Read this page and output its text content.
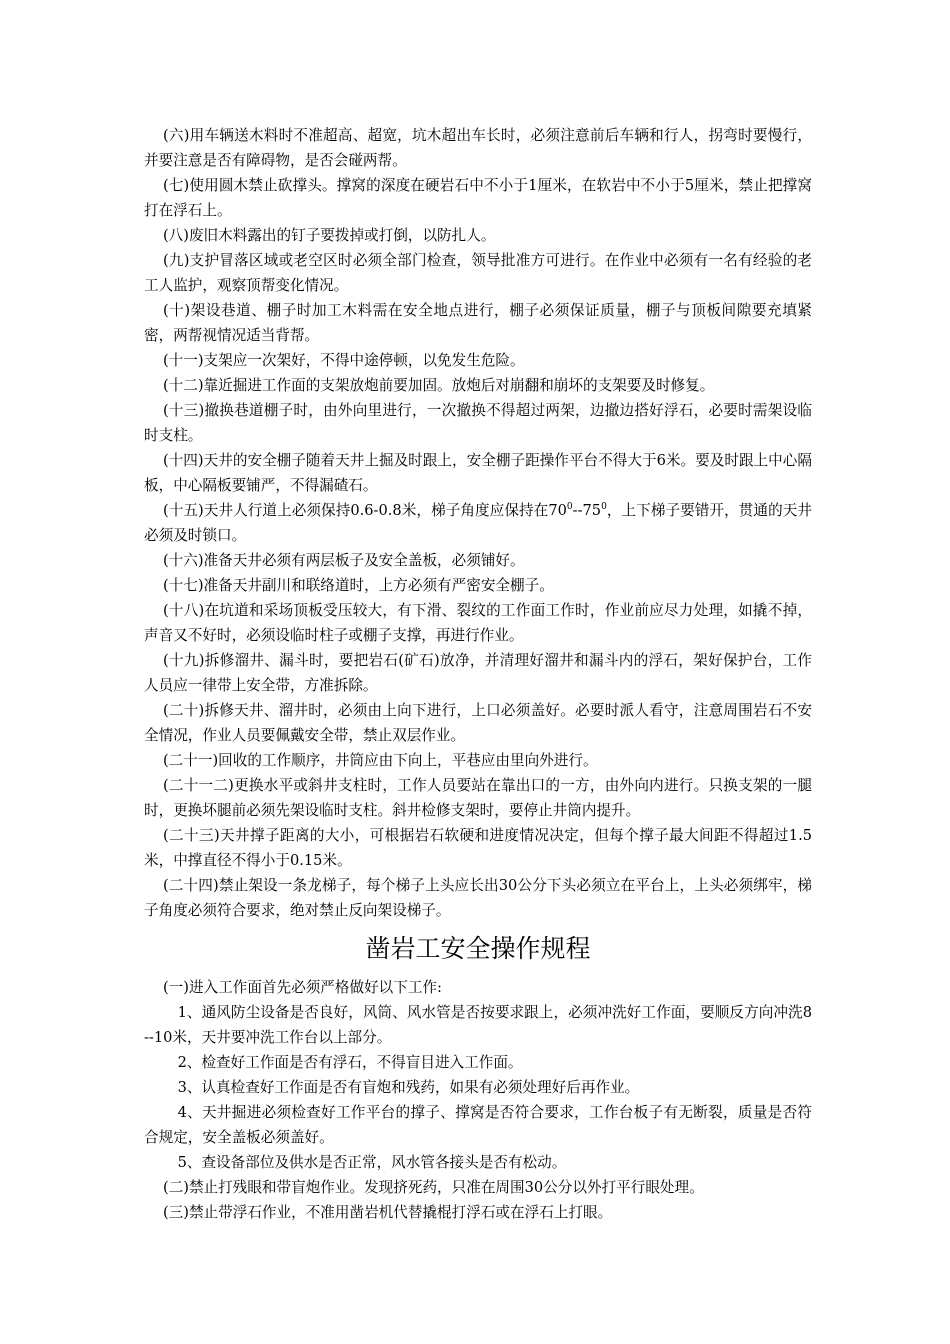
(六)用车辆送木料时不准超高、超宽，坑木超出车长时，必须注意前后车辆和行人，拐弯时要慢行，并要注意是否有障碍物，是否会碰两帮。

(七)使用圆木禁止砍撑头。撑窝的深度在硬岩石中不小于1厘米，在软岩中不小于5厘米，禁止把撑窝打在浮石上。

(八)废旧木料露出的钉子要拨掉或打倒，以防扎人。

(九)支护冒落区域或老空区时必须全部门检查，领导批准方可进行。在作业中必须有一名有经验的老工人监护，观察顶帮变化情况。

(十)架设巷道、棚子时加工木料需在安全地点进行，棚子必须保证质量，棚子与顶板间隙要充填紧密，两帮视情况适当背帮。

(十一)支架应一次架好，不得中途停顿，以免发生危险。

(十二)靠近掘进工作面的支架放炮前要加固。放炮后对崩翻和崩坏的支架要及时修复。

(十三)撤换巷道棚子时，由外向里进行，一次撤换不得超过两架，边撤边搭好浮石，必要时需架设临时支柱。

(十四)天井的安全棚子随着天井上掘及时跟上，安全棚子距操作平台不得大于6米。要及时跟上中心隔板，中心隔板要铺严，不得漏碴石。

(十五)天井人行道上必须保持0.6-0.8米，梯子角度应保持在$70^0--75^0$，上下梯子要错开，贯通的天井必须及时锁口。

(十六)准备天井必须有两层板子及安全盖板，必须铺好。

(十七)准备天井副川和联络道时，上方必须有严密安全棚子。

(十八)在坑道和采场顶板受压较大，有下滑、裂纹的工作面工作时，作业前应尽力处理，如撬不掉，声音又不好时，必须设临时柱子或棚子支撑，再进行作业。

(十九)拆修溜井、漏斗时，要把岩石(矿石)放净，并清理好溜井和漏斗内的浮石，架好保护台，工作人员应一律带上安全带，方准拆除。

(二十)拆修天井、溜井时，必须由上向下进行，上口必须盖好。必要时派人看守，注意周围岩石不安全情况，作业人员要佩戴安全带，禁止双层作业。

(二十一)回收的工作顺序，井筒应由下向上，平巷应由里向外进行。

(二十一二)更换水平或斜井支柱时，工作人员要站在靠出口的一方，由外向内进行。只换支架的一腿时，更换坏腿前必须先架设临时支柱。斜井检修支架时，要停止井筒内提升。

(二十三)天井撑子距离的大小，可根据岩石软硬和进度情况决定，但每个撑子最大间距不得超过1.5米，中撑直径不得小于0.15米。

(二十四)禁止架设一条龙梯子，每个梯子上头应长出30公分下头必须立在平台上，上头必须绑牢，梯子角度必须符合要求，绝对禁止反向架设梯子。

凿岩工安全操作规程

(一)进入工作面首先必须严格做好以下工作:

1、通风防尘设备是否良好，风筒、风水管是否按要求跟上，必须冲洗好工作面，要顺反方向冲洗8--10米，天井要冲洗工作台以上部分。

2、检查好工作面是否有浮石，不得盲目进入工作面。

3、认真检查好工作面是否有盲炮和残药，如果有必须处理好后再作业。

4、天井掘进必须检查好工作平台的撑子、撑窝是否符合要求，工作台板子有无断裂，质量是否符合规定，安全盖板必须盖好。

5、查设备部位及供水是否正常，风水管各接头是否有松动。

(二)禁止打残眼和带盲炮作业。发现挤死药，只准在周围30公分以外打平行眼处理。

(三)禁止带浮石作业，不准用凿岩机代替撬棍打浮石或在浮石上打眼。
